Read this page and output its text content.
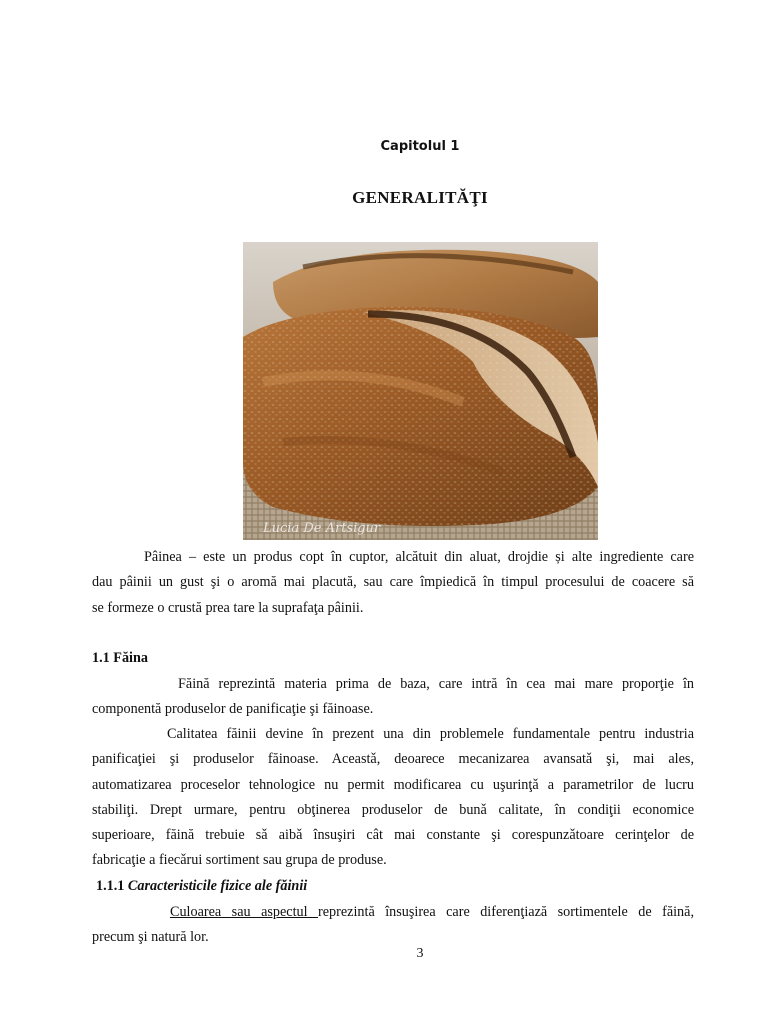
Capitolul 1
GENERALITĂŢI
Lucia De Artsigur
Pâinea – este un produs copt în cuptor, alcătuit din aluat, drojdie și alte ingrediente care
dau pâinii un gust şi o aromă mai placută, sau care împiedică în timpul procesului de coacere să
se formeze o crustă prea tare la suprafaţa pâinii.
1.1 Făina
Făină reprezintă materia prima de baza, care intră în cea mai mare proporţie în
componentă produselor de panificaţie şi făinoase.
Calitatea făinii devine în prezent una din problemele fundamentale pentru industria
panificaţiei şi produselor făinoase. Aceastǎ, deoarece mecanizarea avansatǎ şi, mai ales,
automatizarea proceselor tehnologice nu permit modificarea cu uşurinţǎ a parametrilor de lucru
stabiliţi. Drept urmare, pentru obţinerea produselor de bunǎ calitate, în condiţii economice
superioare, făină trebuie sǎ aibǎ însuşiri cât mai constante şi corespunzǎtoare cerinţelor de
fabricaţie a fiecǎrui sortiment sau grupa de produse.
1.1.1 Caracteristicile fizice ale făinii
Culoarea sau aspectul reprezintă însuşirea care diferenţiază sortimentele de făină,
precum şi natură lor.
3
